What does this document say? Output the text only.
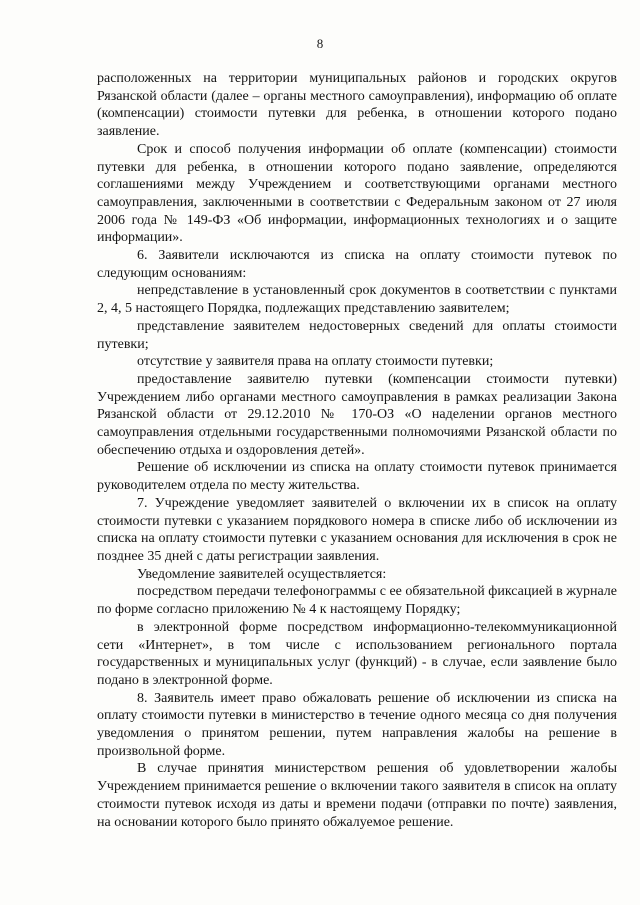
8

расположенных на территории муниципальных районов и городских округов Рязанской области (далее – органы местного самоуправления), информацию об оплате (компенсации) стоимости путевки для ребенка, в отношении которого подано заявление.

Срок и способ получения информации об оплате (компенсации) стоимости путевки для ребенка, в отношении которого подано заявление, определяются соглашениями между Учреждением и соответствующими органами местного самоуправления, заключенными в соответствии с Федеральным законом от 27 июля 2006 года № 149-ФЗ «Об информации, информационных технологиях и о защите информации».

6. Заявители исключаются из списка на оплату стоимости путевок по следующим основаниям:

непредставление в установленный срок документов в соответствии с пунктами 2, 4, 5 настоящего Порядка, подлежащих представлению заявителем;

представление заявителем недостоверных сведений для оплаты стоимости путевки;

отсутствие у заявителя права на оплату стоимости путевки;

предоставление заявителю путевки (компенсации стоимости путевки) Учреждением либо органами местного самоуправления в рамках реализации Закона Рязанской области от 29.12.2010 № 170-ОЗ «О наделении органов местного самоуправления отдельными государственными полномочиями Рязанской области по обеспечению отдыха и оздоровления детей».

Решение об исключении из списка на оплату стоимости путевок принимается руководителем отдела по месту жительства.

7. Учреждение уведомляет заявителей о включении их в список на оплату стоимости путевки с указанием порядкового номера в списке либо об исключении из списка на оплату стоимости путевки с указанием основания для исключения в срок не позднее 35 дней с даты регистрации заявления.

Уведомление заявителей осуществляется:

посредством передачи телефонограммы с ее обязательной фиксацией в журнале по форме согласно приложению № 4 к настоящему Порядку;

в электронной форме посредством информационно-телекоммуникационной сети «Интернет», в том числе с использованием регионального портала государственных и муниципальных услуг (функций) - в случае, если заявление было подано в электронной форме.

8. Заявитель имеет право обжаловать решение об исключении из списка на оплату стоимости путевки в министерство в течение одного месяца со дня получения уведомления о принятом решении, путем направления жалобы на решение в произвольной форме.

В случае принятия министерством решения об удовлетворении жалобы Учреждением принимается решение о включении такого заявителя в список на оплату стоимости путевок исходя из даты и времени подачи (отправки по почте) заявления, на основании которого было принято обжалуемое решение.
